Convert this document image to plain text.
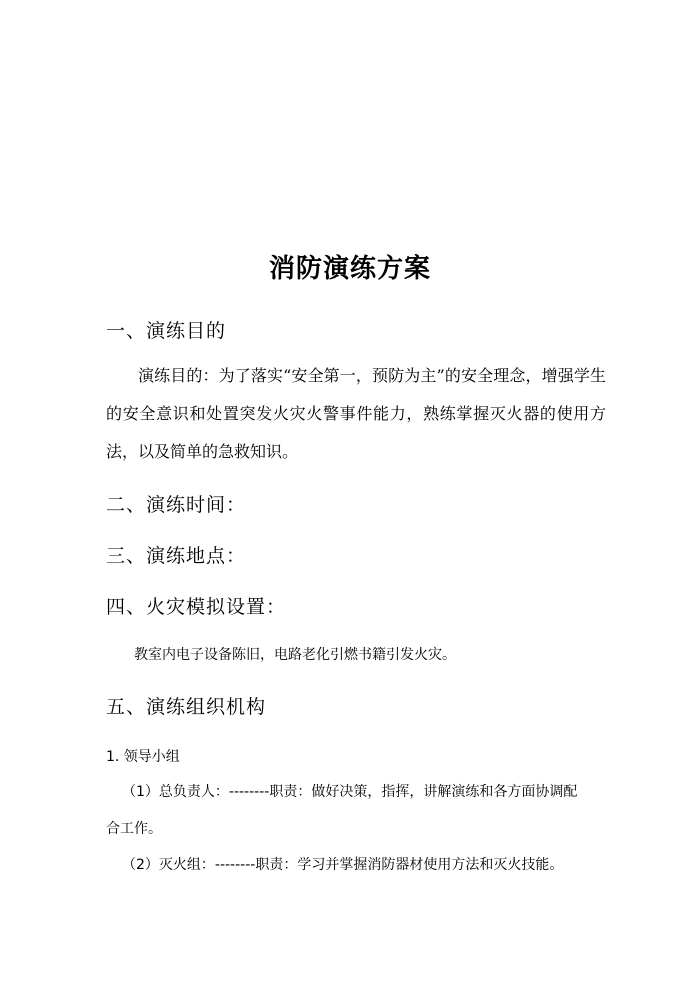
消防演练方案
一、演练目的
演练目的：为了落实“安全第一，预防为主”的安全理念，增强学生的安全意识和处置突发火灾火警事件能力，熟练掌握灭火器的使用方法，以及简单的急救知识。
二、演练时间：
三、演练地点：
四、火灾模拟设置：
教室内电子设备陈旧，电路老化引燃书籍引发火灾。
五、演练组织机构
1. 领导小组
（1）总负责人：--------职责：做好决策，指挥，讲解演练和各方面协调配
合工作。
（2）灭火组：--------职责：学习并掌握消防器材使用方法和灭火技能。
